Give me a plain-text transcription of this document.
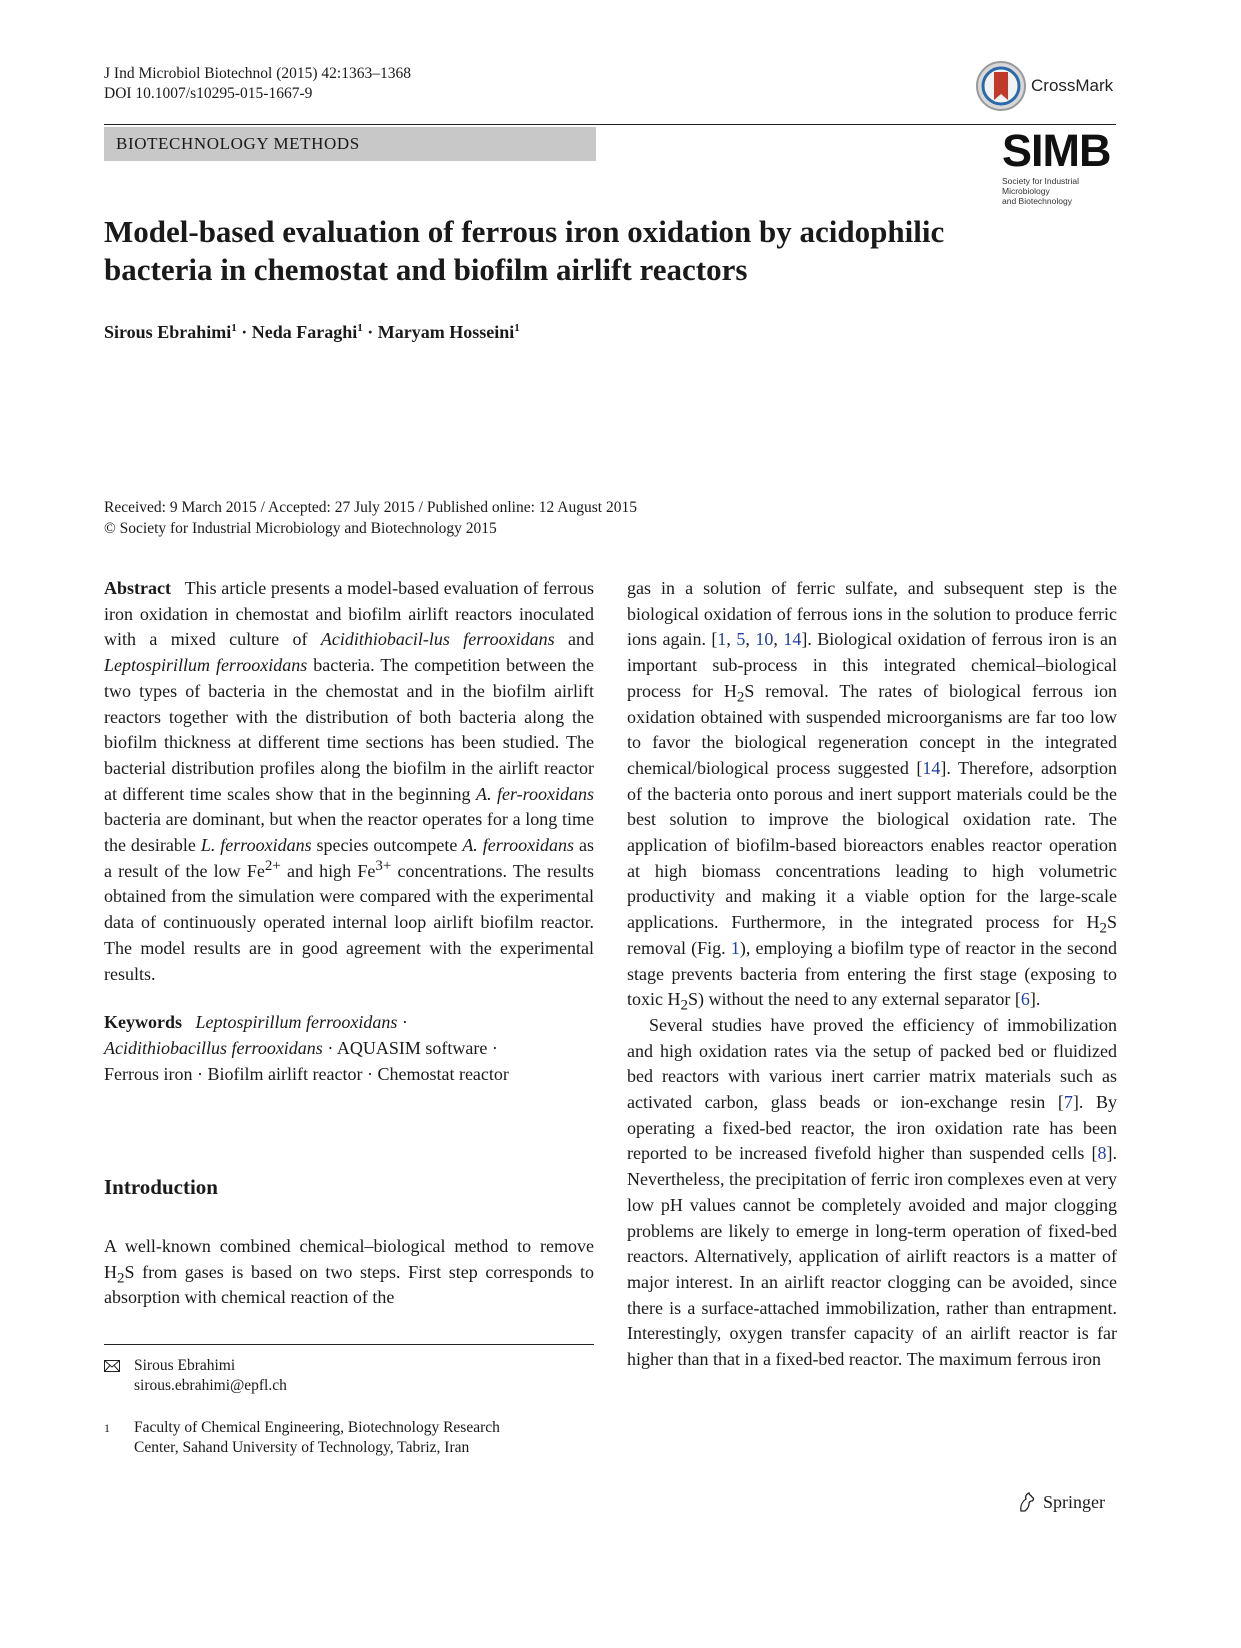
J Ind Microbiol Biotechnol (2015) 42:1363–1368
DOI 10.1007/s10295-015-1667-9	CrossMark
BIOTECHNOLOGY METHODS	SIMB
Society for Industrial Microbiology
and Biotechnology
Model-based evaluation of ferrous iron oxidation by acidophilic bacteria in chemostat and biofilm airlift reactors
Sirous Ebrahimi$^1$ · Neda Faraghi$^1$ · Maryam Hosseini$^1$
Received: 9 March 2015 / Accepted: 27 July 2015 / Published online: 12 August 2015
© Society for Industrial Microbiology and Biotechnology 2015

Abstract This article presents a model-based evaluation of ferrous iron oxidation in chemostat and biofilm airlift reactors inoculated with a mixed culture of Acidithiobacil-lus ferrooxidans and Leptospirillum ferrooxidans bacteria. The competition between the two types of bacteria in the chemostat and in the biofilm airlift reactors together with the distribution of both bacteria along the biofilm thickness at different time sections has been studied. The bacterial distribution profiles along the biofilm in the airlift reactor at different time scales show that in the beginning A. fer-rooxidans bacteria are dominant, but when the reactor operates for a long time the desirable L. ferrooxidans species outcompete A. ferrooxidans as a result of the low $Fe^{2+}$ and high $Fe^{3+}$ concentrations. The results obtained from the simulation were compared with the experimental data of continuously operated internal loop airlift biofilm reactor. The model results are in good agreement with the experimental results.

Keywords Leptospirillum ferrooxidans ·
Acidithiobacillus ferrooxidans · AQUASIM software ·
Ferrous iron · Biofilm airlift reactor · Chemostat reactor

Introduction

A well-known combined chemical–biological method to remove $H_2S$ from gases is based on two steps. First step corresponds to absorption with chemical reaction of the

Sirous Ebrahimi
sirous.ebrahimi@epfl.ch
1 Faculty of Chemical Engineering, Biotechnology Research
Center, Sahand University of Technology, Tabriz, Iran

gas in a solution of ferric sulfate, and subsequent step is the biological oxidation of ferrous ions in the solution to produce ferric ions again. [1, 5, 10, 14]. Biological oxidation of ferrous iron is an important sub-process in this integrated chemical–biological process for $H_2S$ removal. The rates of biological ferrous ion oxidation obtained with suspended microorganisms are far too low to favor the biological regeneration concept in the integrated chemical/biological process suggested [14]. Therefore, adsorption of the bacteria onto porous and inert support materials could be the best solution to improve the biological oxidation rate. The application of biofilm-based bioreactors enables reactor operation at high biomass concentrations leading to high volumetric productivity and making it a viable option for the large-scale applications. Furthermore, in the integrated process for $H_2S$ removal (Fig. 1), employing a biofilm type of reactor in the second stage prevents bacteria from entering the first stage (exposing to toxic $H_2S$) without the need to any external separator [6].

Several studies have proved the efficiency of immobilization and high oxidation rates via the setup of packed bed or fluidized bed reactors with various inert carrier matrix materials such as activated carbon, glass beads or ion-exchange resin [7]. By operating a fixed-bed reactor, the iron oxidation rate has been reported to be increased fivefold higher than suspended cells [8]. Nevertheless, the precipitation of ferric iron complexes even at very low pH values cannot be completely avoided and major clogging problems are likely to emerge in long-term operation of fixed-bed reactors. Alternatively, application of airlift reactors is a matter of major interest. In an airlift reactor clogging can be avoided, since there is a surface-attached immobilization, rather than entrapment. Interestingly, oxygen transfer capacity of an airlift reactor is far higher than that in a fixed-bed reactor. The maximum ferrous iron

Springer
